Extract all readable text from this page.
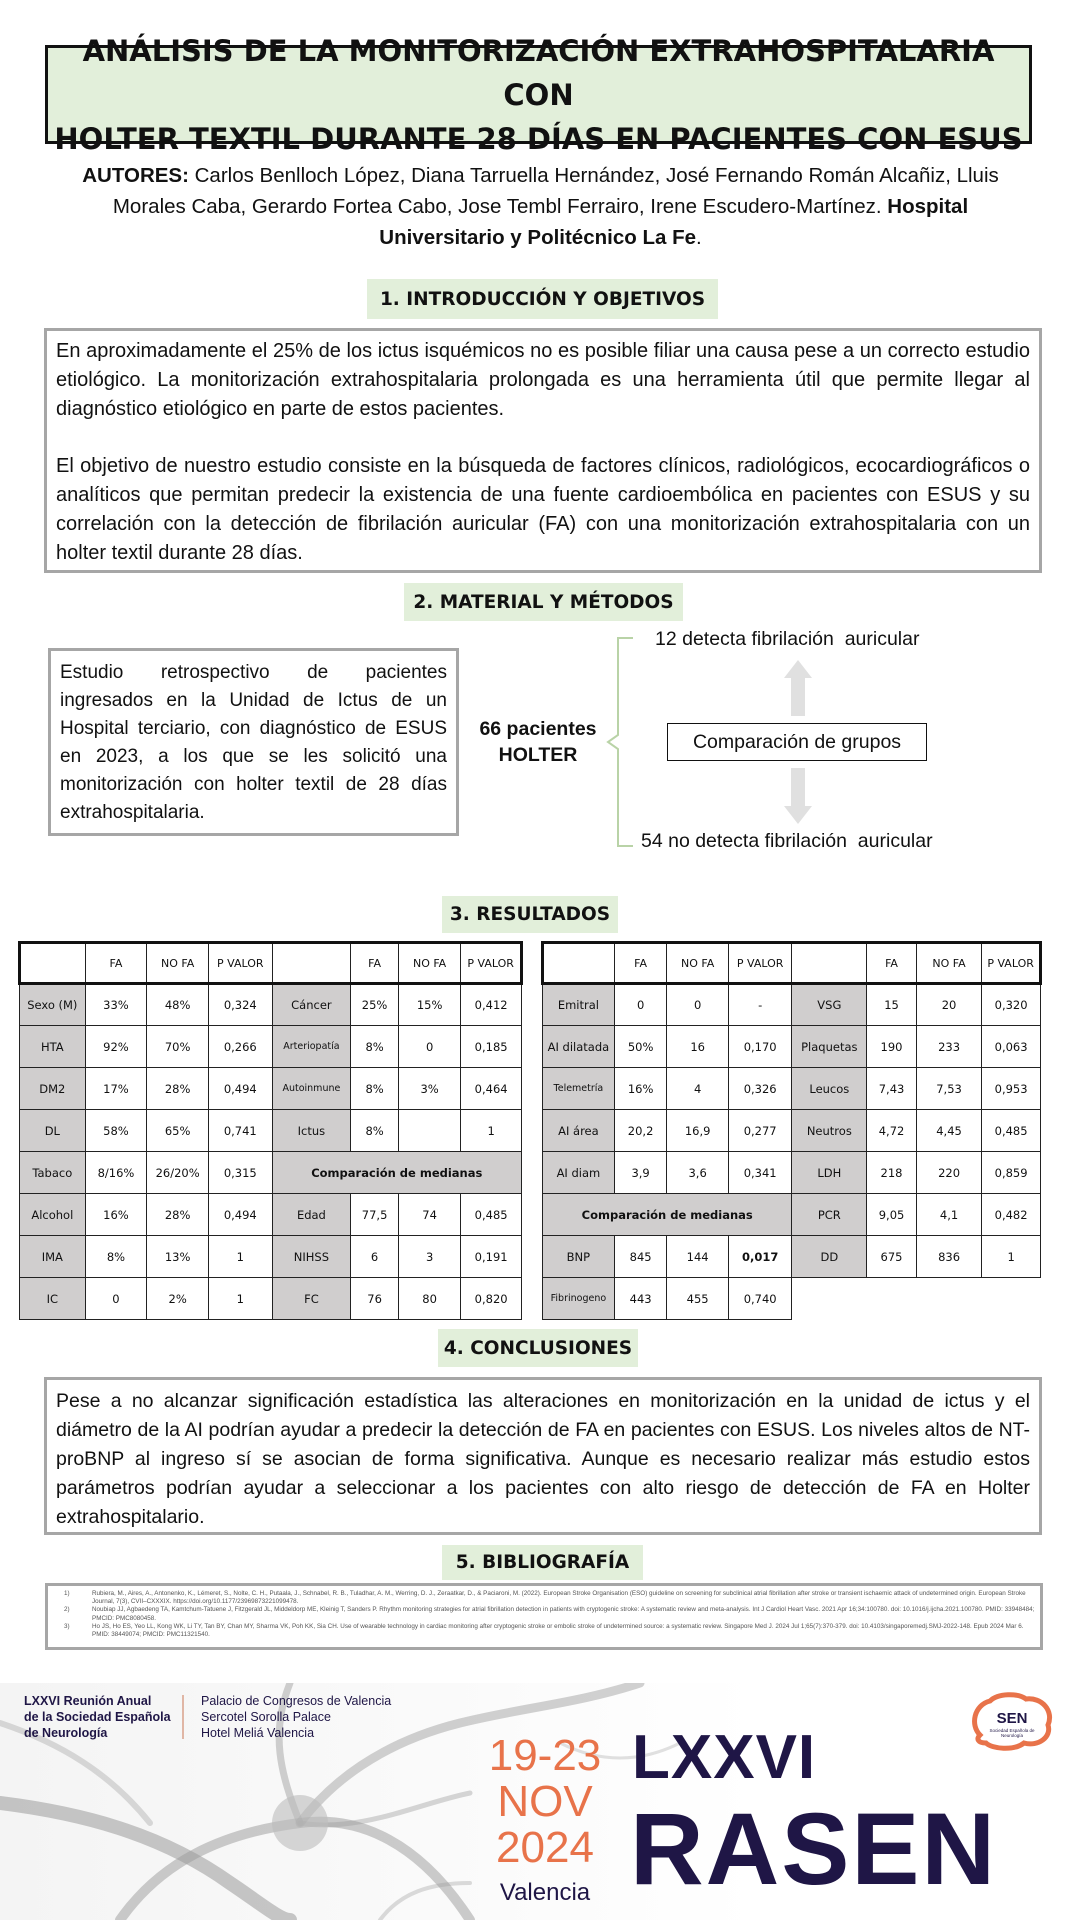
ANÁLISIS DE LA MONITORIZACIÓN EXTRAHOSPITALARIA CON
HOLTER TEXTIL DURANTE 28 DÍAS EN PACIENTES CON ESUS
AUTORES: Carlos Benlloch López, Diana Tarruella Hernández, José Fernando Román Alcañiz, Lluis Morales Caba, Gerardo Fortea Cabo, Jose Tembl Ferrairo, Irene Escudero-Martínez. Hospital Universitario y Politécnico La Fe.
1. INTRODUCCIÓN Y OBJETIVOS

En aproximadamente el 25% de los ictus isquémicos no es posible filiar una causa pese a un correcto estudio etiológico. La monitorización extrahospitalaria prolongada es una herramienta útil que permite llegar al diagnóstico etiológico en parte de estos pacientes.

El objetivo de nuestro estudio consiste en la búsqueda de factores clínicos, radiológicos, ecocardiográficos o analíticos que permitan predecir la existencia de una fuente cardioembólica en pacientes con ESUS y su correlación con la detección de fibrilación auricular (FA) con una monitorización extrahospitalaria con un holter textil durante 28 días.

2. MATERIAL Y MÉTODOS
Estudio retrospectivo de pacientes ingresados en la Unidad de Ictus de un Hospital terciario, con diagnóstico de ESUS en 2023, a los que se les solicitó una monitorización con holter textil de 28 días extrahospitalaria.
66 pacientes
HOLTER
12 detecta fibrilación  auricular
Comparación de grupos
54 no detecta fibrilación  auricular
3. RESULTADOS
	FA	NO FA	P VALOR		FA	NO FA	P VALOR
Sexo (M)	33%	48%	0,324	Cáncer	25%	15%	0,412
HTA	92%	70%	0,266	Arteriopatía	8%	0	0,185
DM2	17%	28%	0,494	Autoinmune	8%	3%	0,464
DL	58%	65%	0,741	Ictus	8%		1
Tabaco	8/16%	26/20%	0,315	Comparación de medianas			
Alcohol	16%	28%	0,494	Edad	77,5	74	0,485
IMA	8%	13%	1	NIHSS	6	3	0,191
IC	0	2%	1	FC	76	80	0,820
	FA	NO FA	P VALOR		FA	NO FA	P VALOR
Emitral	0	0	-	VSG	15	20	0,320
AI dilatada	50%	16	0,170	Plaquetas	190	233	0,063
Telemetría	16%	4	0,326	Leucos	7,43	7,53	0,953
AI área	20,2	16,9	0,277	Neutros	4,72	4,45	0,485
AI diam	3,9	3,6	0,341	LDH	218	220	0,859
Comparación de medianas				PCR	9,05	4,1	0,482
BNP	845	144	0,017	DD	675	836	1
Fibrinogeno	443	455	0,740				
4. CONCLUSIONES
Pese a no alcanzar significación estadística las alteraciones en monitorización en la unidad de ictus y el diámetro de la AI podrían ayudar a predecir la detección de FA en pacientes con ESUS. Los niveles altos de NT-proBNP al ingreso sí se asocian de forma significativa. Aunque es necesario realizar más estudio estos parámetros podrían ayudar a seleccionar a los pacientes con alto riesgo de detección de FA en Holter extrahospitalario.
5. BIBLIOGRAFÍA
1)	Rubiera, M., Aires, A., Antonenko, K., Lémeret, S., Nolte, C. H., Putaala, J., Schnabel, R. B., Tuladhar, A. M., Werring, D. J., Zeraatkar, D., & Paciaroni, M. (2022). European Stroke Organisation (ESO) guideline on screening for subclinical atrial fibrillation after stroke or transient ischaemic attack of undetermined origin. European Stroke Journal, 7(3), CVII–CXXXIX. https://doi.org/10.1177/23969873221099478.
2)	Noubiap JJ, Agbaedeng TA, Kamtchum-Tatuene J, Fitzgerald JL, Middeldorp ME, Kleinig T, Sanders P. Rhythm monitoring strategies for atrial fibrillation detection in patients with cryptogenic stroke: A systematic review and meta-analysis. Int J Cardiol Heart Vasc. 2021 Apr 16;34:100780. doi: 10.1016/j.ijcha.2021.100780. PMID: 33948484; PMCID: PMC8080458.
3)	Ho JS, Ho ES, Yeo LL, Kong WK, Li TY, Tan BY, Chan MY, Sharma VK, Poh KK, Sia CH. Use of wearable technology in cardiac monitoring after cryptogenic stroke or embolic stroke of undetermined source: a systematic review. Singapore Med J. 2024 Jul 1;65(7):370-379. doi: 10.4103/singaporemedj.SMJ-2022-148. Epub 2024 Mar 6. PMID: 38449074; PMCID: PMC11321540.
LXXVI Reunión Anual
de la Sociedad Española
de Neurología
Palacio de Congresos de Valencia
Sercotel Sorolla Palace
Hotel Meliá Valencia	19-23
NOV
2024
Valencia
LXXVI
RASEN
SEN
Sociedad Española de Neurología
